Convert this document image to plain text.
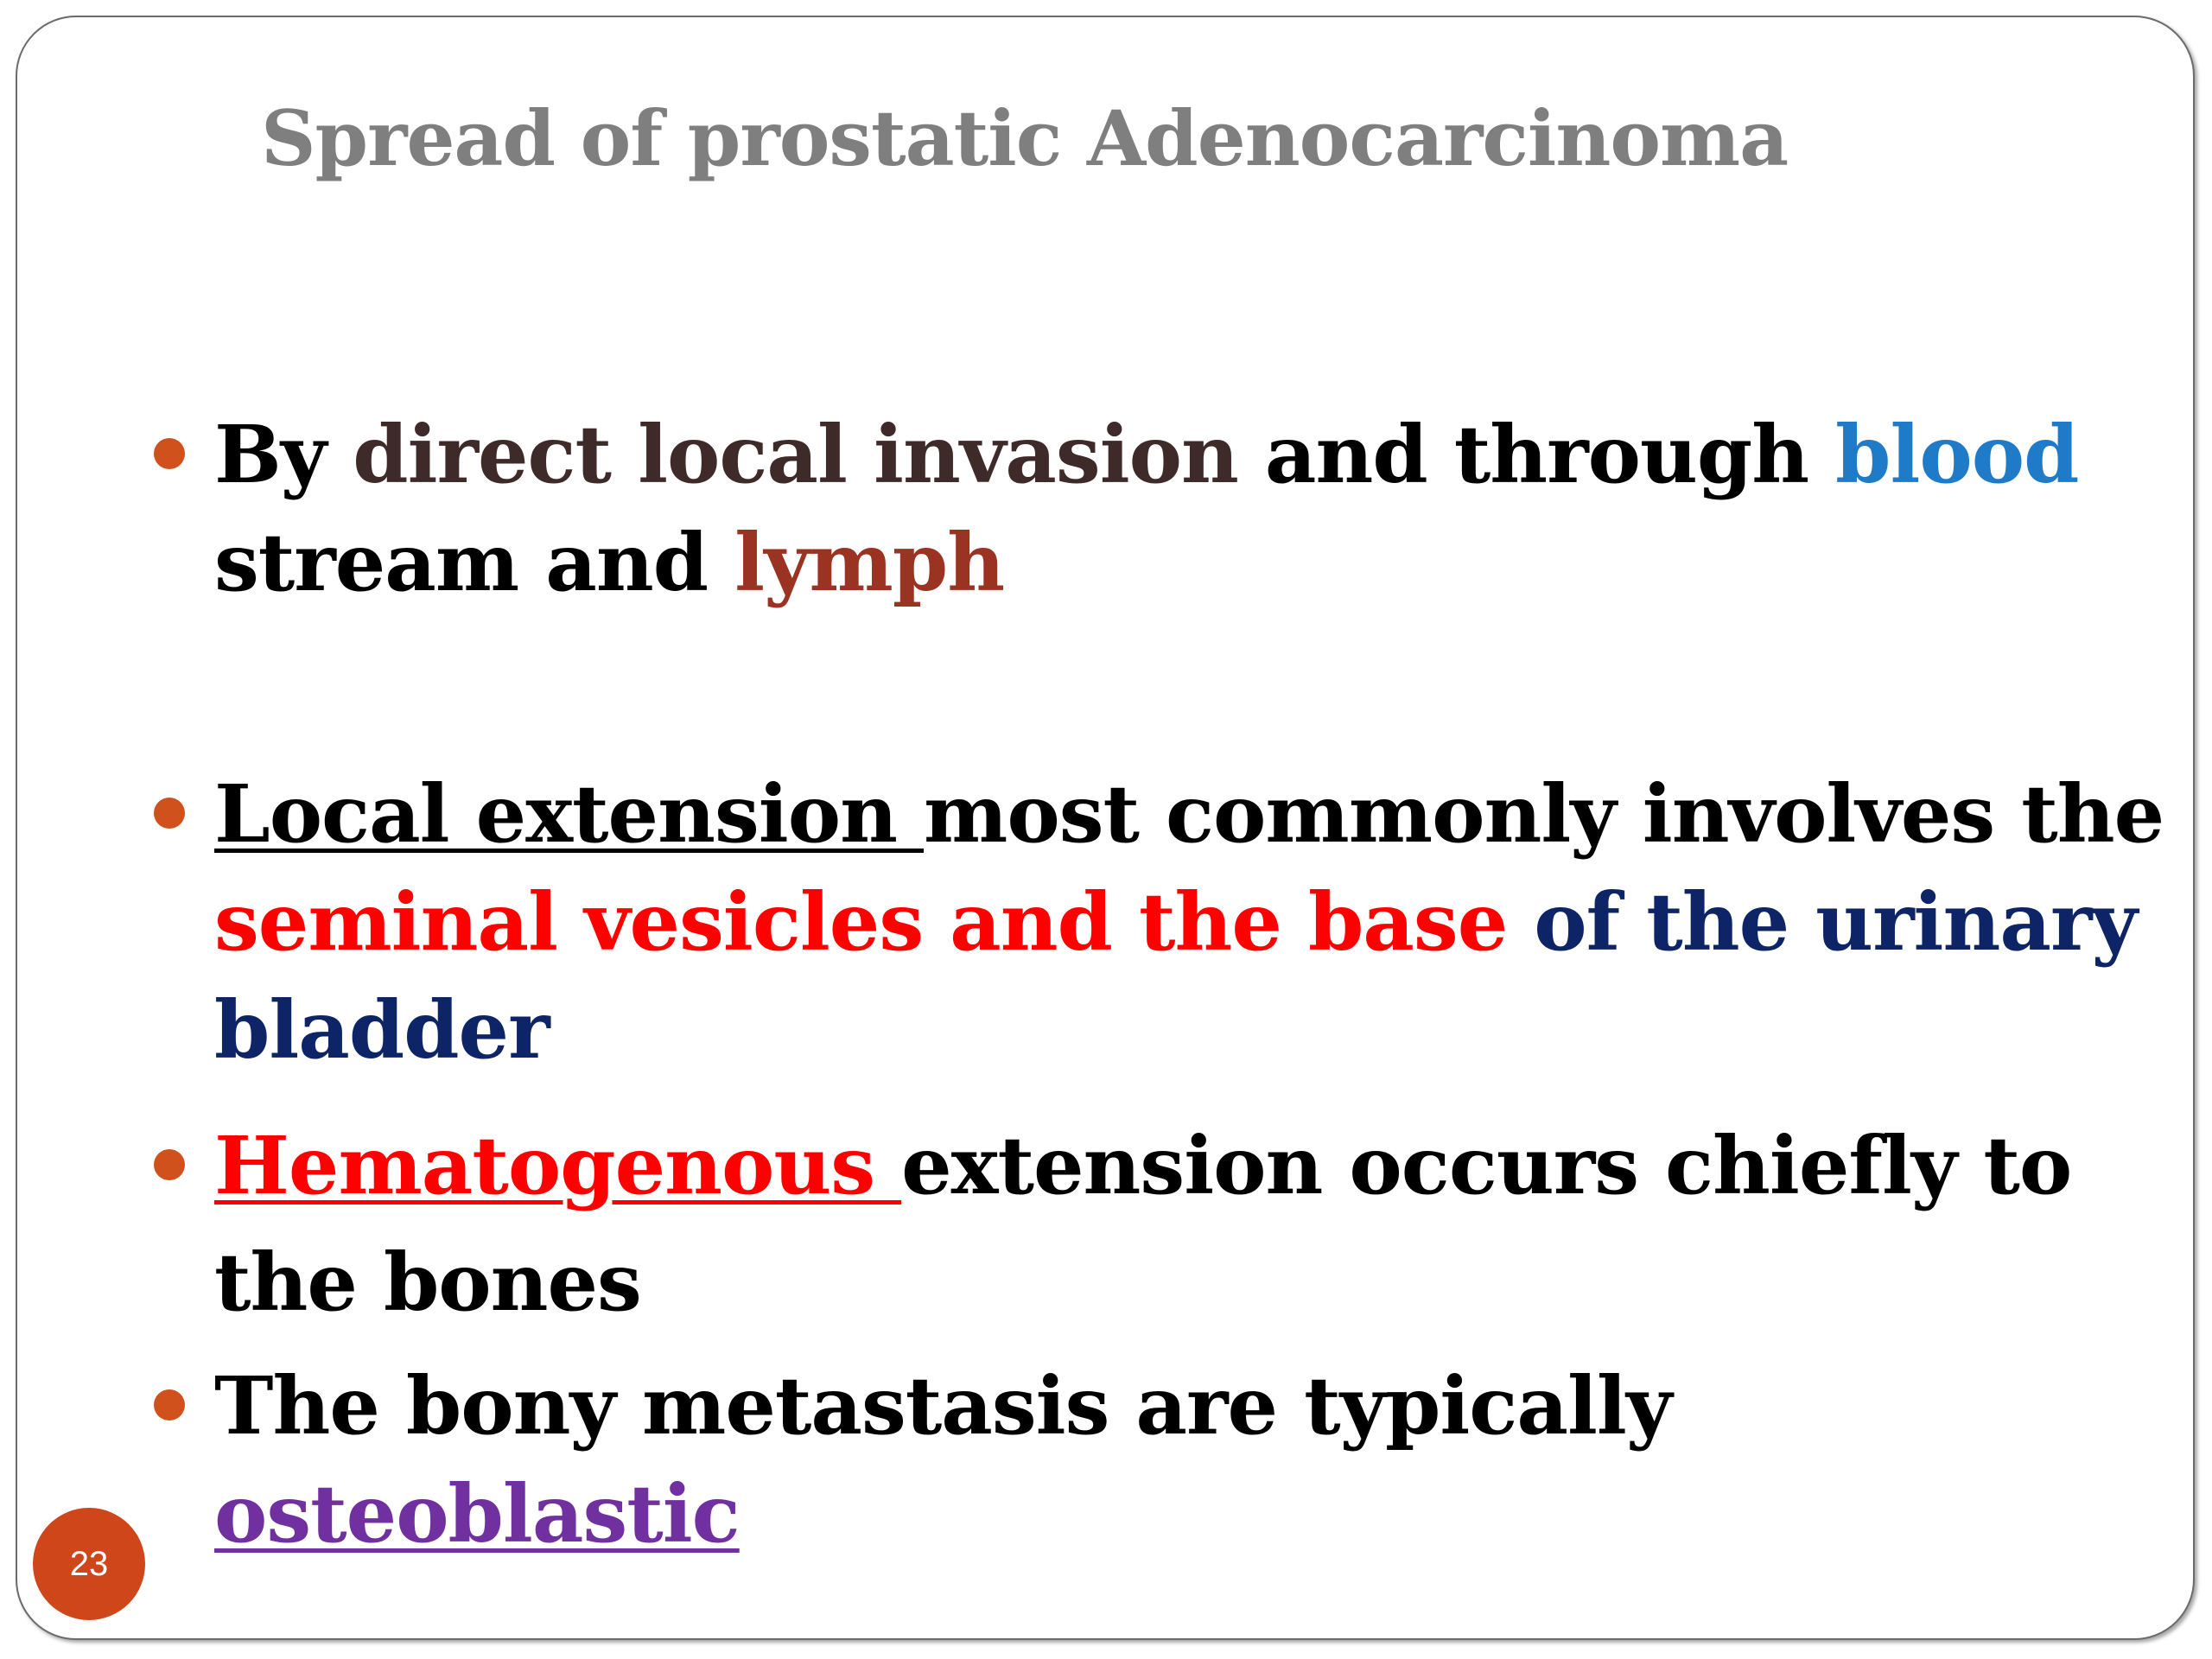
Spread of prostatic Adenocarcinoma
By direct local invasion and through blood
stream and lymph
Local extension most commonly involves the
seminal vesicles and the base of the urinary bladder
Hematogenous extension occurs chiefly to the bones
The bony metastasis are typically osteoblastic
23
